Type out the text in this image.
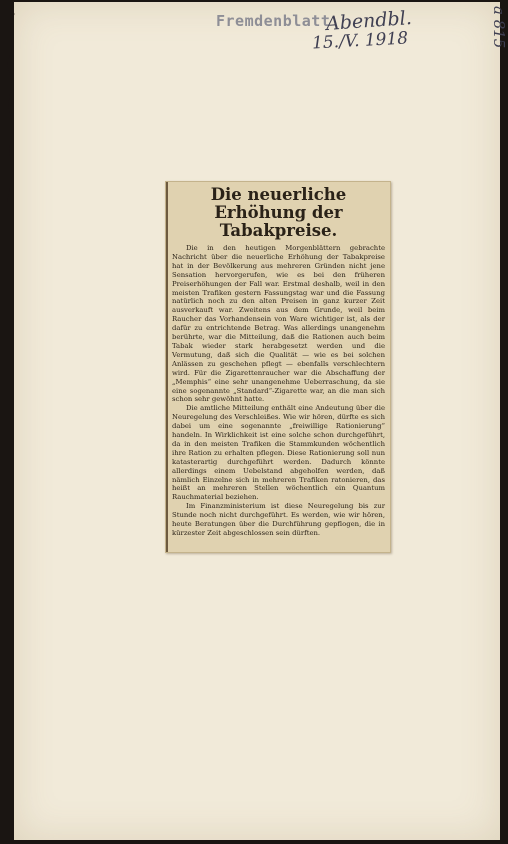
Fremdenblatt
Abendbl.
15./V. 1918	a 815
Die neuerliche Erhöhung der Tabakpreise.

Die in den heutigen Morgenblättern gebrachte Nachricht über die neuerliche Erhöhung der Tabakpreise hat in der Bevölkerung aus mehreren Gründen nicht jene Sensation hervorgerufen, wie es bei den früheren Preiserhöhungen der Fall war. Erstmal deshalb, weil in den meisten Trafiken gestern Fassungstag war und die Fassung natürlich noch zu den alten Preisen in ganz kurzer Zeit ausverkauft war. Zweitens aus dem Grunde, weil beim Raucher das Vorhandensein von Ware wichtiger ist, als der dafür zu entrichtende Betrag. Was allerdings unangenehm berührte, war die Mitteilung, daß die Rationen auch beim Tabak wieder stark herabgesetzt werden und die Vermutung, daß sich die Qualität — wie es bei solchen Anlässen zu geschehen pflegt — ebenfalls verschlechtern wird. Für die Zigarettenraucher war die Abschaffung der „Memphis“ eine sehr unangenehme Ueberraschung, da sie eine sogenannte „Standard“-Zigarette war, an die man sich schon sehr gewöhnt hatte.

Die amtliche Mitteilung enthält eine Andeutung über die Neuregelung des Verschleißes. Wie wir hören, dürfte es sich dabei um eine sogenannte „freiwillige Rationierung“ handeln. In Wirklichkeit ist eine solche schon durchgeführt, da in den meisten Trafiken die Stammkunden wöchentlich ihre Ration zu erhalten pflegen. Diese Rationierung soll nun katasterartig durchgeführt werden. Dadurch könnte allerdings einem Uebelstand abgeholfen werden, daß nämlich Einzelne sich in mehreren Trafiken ratonieren, das heißt an mehreren Stellen wöchentlich ein Quantum Rauchmaterial beziehen.

Im Finanzministerium ist diese Neuregelung bis zur Stunde noch nicht durchgeführt. Es werden, wie wir hören, heute Beratungen über die Durchführung gepflogen, die in kürzester Zeit abgeschlossen sein dürften.
